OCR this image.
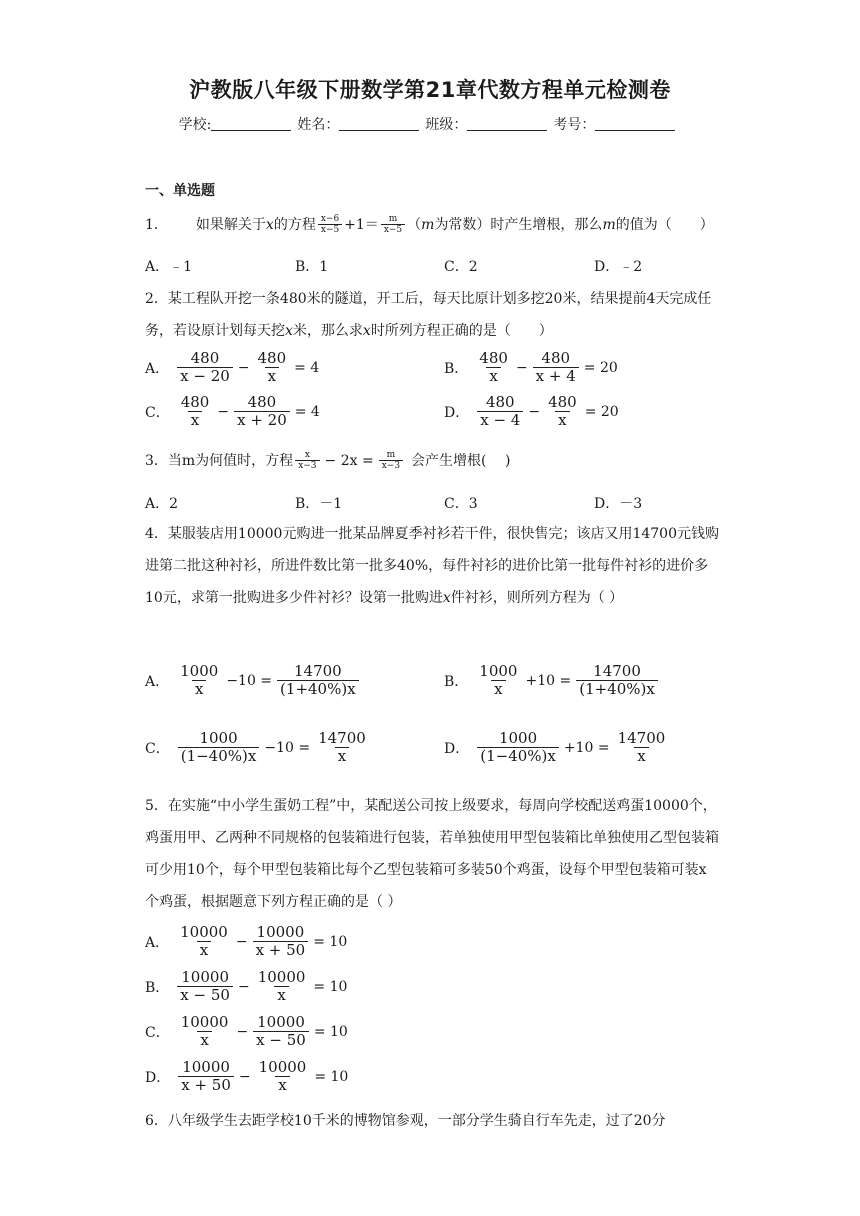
沪教版八年级下册数学第21章代数方程单元检测卷
学校:	姓名：	班级：	考号：
一、单选题
1． 如果解关于x的方程 $\frac{x-6}{x-5} +1= \frac{m}{x-5} (m$为常数）时产生增根，那么m的值为（　　）
A．﹣1	B．1	C．2	D．﹣2
2．某工程队开挖一条480米的隧道，开工后，每天比原计划多挖20米，结果提前4天完成任务，若设原计划每天挖x米，那么求x时所列方程正确的是（　　）
A． $\frac{480}{x - 20} - \frac{480}{x} = 4$	B． $\frac{480}{x} - \frac{480}{x + 4} = 20$
C． $\frac{480}{x} - \frac{480}{x + 20} = 4$	D． $\frac{480}{x - 4} - \frac{480}{x} = 20$
3．当m为何值时，方程 $\frac{x}{x-3} - 2x = \frac{m}{x-3}$ 会产生增根(　 )
A．2	B．－1	C．3	D．－3
4．某服装店用10000元购进一批某品牌夏季衬衫若干件，很快售完；该店又用14700元钱购进第二批这种衬衫，所进件数比第一批多40%，每件衬衫的进价比第一批每件衬衫的进价多10元，求第一批购进多少件衬衫？设第一批购进x件衬衫，则所列方程为（ ）
A． $\frac{1000}{x} -10 = \frac{14700}{(1+40\%)x}$	B． $\frac{1000}{x} +10 = \frac{14700}{(1+40\%)x}$
C． $\frac{1000}{(1-40\%)x} -10 = \frac{14700}{x}$	D． $\frac{1000}{(1-40\%)x} +10 = \frac{14700}{x}$
5．在实施“中小学生蛋奶工程”中，某配送公司按上级要求，每周向学校配送鸡蛋10000个，鸡蛋用甲、乙两种不同规格的包装箱进行包装，若单独使用甲型包装箱比单独使用乙型包装箱可少用10个，每个甲型包装箱比每个乙型包装箱可多装50个鸡蛋，设每个甲型包装箱可装x个鸡蛋，根据题意下列方程正确的是（ ）
A． $\frac{10000}{x} - \frac{10000}{x + 50} = 10$
B． $\frac{10000}{x - 50} - \frac{10000}{x} = 10$
C． $\frac{10000}{x} - \frac{10000}{x - 50} = 10$
D． $\frac{10000}{x + 50} - \frac{10000}{x} = 10$
6．八年级学生去距学校10千米的博物馆参观，一部分学生骑自行车先走，过了20分
